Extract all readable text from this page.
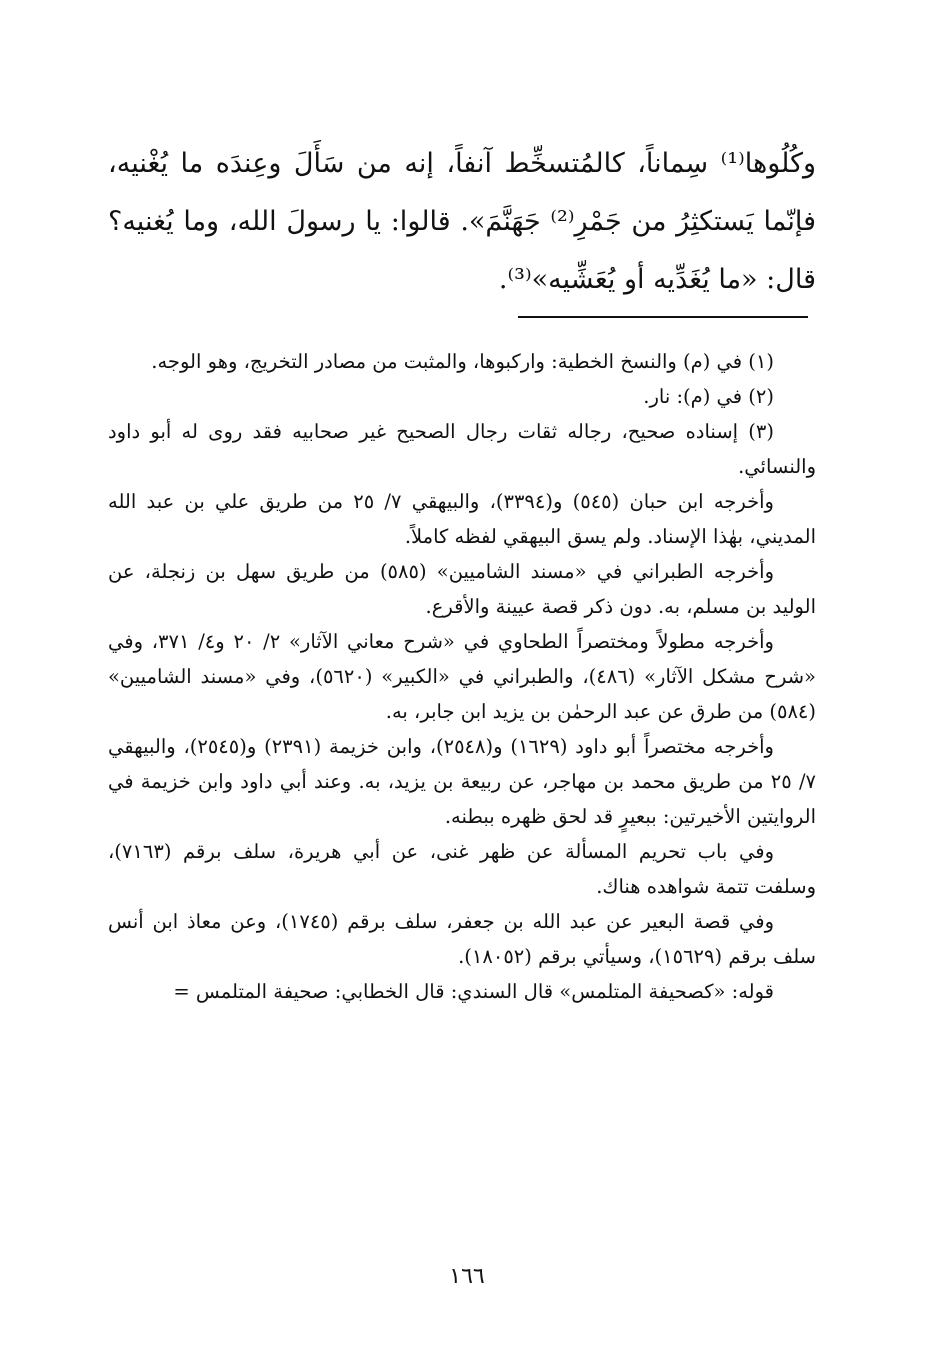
وكُلُوها⁽¹⁾ سِماناً، كالمُتسخِّط آنفاً، إنه من سَأَلَ وعِندَه ما يُغْنيه، فإنّما يَستكثِرُ من جَمْرِ⁽²⁾ جَهَنَّمَ». قالوا: يا رسولَ الله، وما يُغنيه؟ قال: «ما يُغَدِّيه أو يُعَشِّيه»⁽³⁾.

(١) في (م) والنسخ الخطية: واركبوها، والمثبت من مصادر التخريج، وهو الوجه.

(٢) في (م): نار.

(٣) إسناده صحيح، رجاله ثقات رجال الصحيح غير صحابيه فقد روى له أبو داود والنسائي.

وأخرجه ابن حبان (٥٤٥) و(٣٣٩٤)، والبيهقي ٧/ ٢٥ من طريق علي بن عبد الله المديني، بهٰذا الإسناد. ولم يسق البيهقي لفظه كاملاً.

وأخرجه الطبراني في «مسند الشاميين» (٥٨٥) من طريق سهل بن زنجلة، عن الوليد بن مسلم، به. دون ذكر قصة عيينة والأقرع.

وأخرجه مطولاً ومختصراً الطحاوي في «شرح معاني الآثار» ٢/ ٢٠ و٤/ ٣٧١، وفي «شرح مشكل الآثار» (٤٨٦)، والطبراني في «الكبير» (٥٦٢٠)، وفي «مسند الشاميين» (٥٨٤) من طرق عن عبد الرحمٰن بن يزيد ابن جابر، به.

وأخرجه مختصراً أبو داود (١٦٢٩) و(٢٥٤٨)، وابن خزيمة (٢٣٩١) و(٢٥٤٥)، والبيهقي ٧/ ٢٥ من طريق محمد بن مهاجر، عن ربيعة بن يزيد، به. وعند أبي داود وابن خزيمة في الروايتين الأخيرتين: ببعيرٍ قد لحق ظهره ببطنه.

وفي باب تحريم المسألة عن ظهر غنى، عن أبي هريرة، سلف برقم (٧١٦٣)، وسلفت تتمة شواهده هناك.

وفي قصة البعير عن عبد الله بن جعفر، سلف برقم (١٧٤٥)، وعن معاذ ابن أنس سلف برقم (١٥٦٢٩)، وسيأتي برقم (١٨٠٥٢).

قوله: «كصحيفة المتلمس» قال السندي: قال الخطابي: صحيفة المتلمس =

١٦٦
